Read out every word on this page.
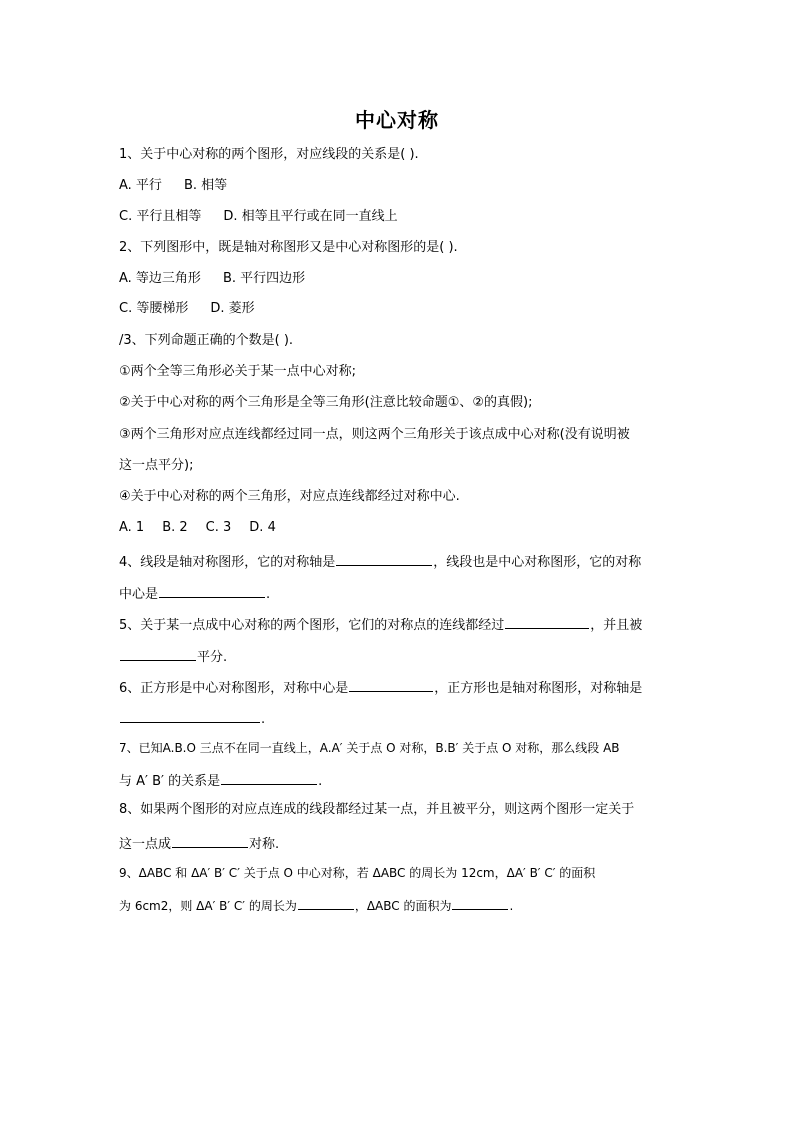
中心对称
1、关于中心对称的两个图形，对应线段的关系是( ).
A. 平行 B. 相等
C. 平行且相等 D. 相等且平行或在同一直线上
2、下列图形中，既是轴对称图形又是中心对称图形的是( ).
A. 等边三角形 B. 平行四边形
C. 等腰梯形 D. 菱形
/3、下列命题正确的个数是( ).
①两个全等三角形必关于某一点中心对称;
②关于中心对称的两个三角形是全等三角形(注意比较命题①、②的真假);
③两个三角形对应点连线都经过同一点，则这两个三角形关于该点成中心对称(没有说明被
这一点平分);
④关于中心对称的两个三角形，对应点连线都经过对称中心.
A. 1 B. 2 C. 3 D. 4
4、线段是轴对称图形，它的对称轴是	，线段也是中心对称图形，它的对称
中心是	.
5、关于某一点成中心对称的两个图形，它们的对称点的连线都经过	，并且被
平分.
6、正方形是中心对称图形，对称中心是	，正方形也是轴对称图形，对称轴是
.
7、已知A.B.O 三点不在同一直线上，A.A′ 关于点 O 对称，B.B′ 关于点 O 对称，那么线段 AB
与 A′ B′ 的关系是	.
8、如果两个图形的对应点连成的线段都经过某一点，并且被平分，则这两个图形一定关于
这一点成	对称.
9、ΔABC 和 ΔA′ B′ C′ 关于点 O 中心对称，若 ΔABC 的周长为 12cm，ΔA′ B′ C′ 的面积
为 6cm2，则 ΔA′ B′ C′ 的周长为	，ΔABC 的面积为	.
